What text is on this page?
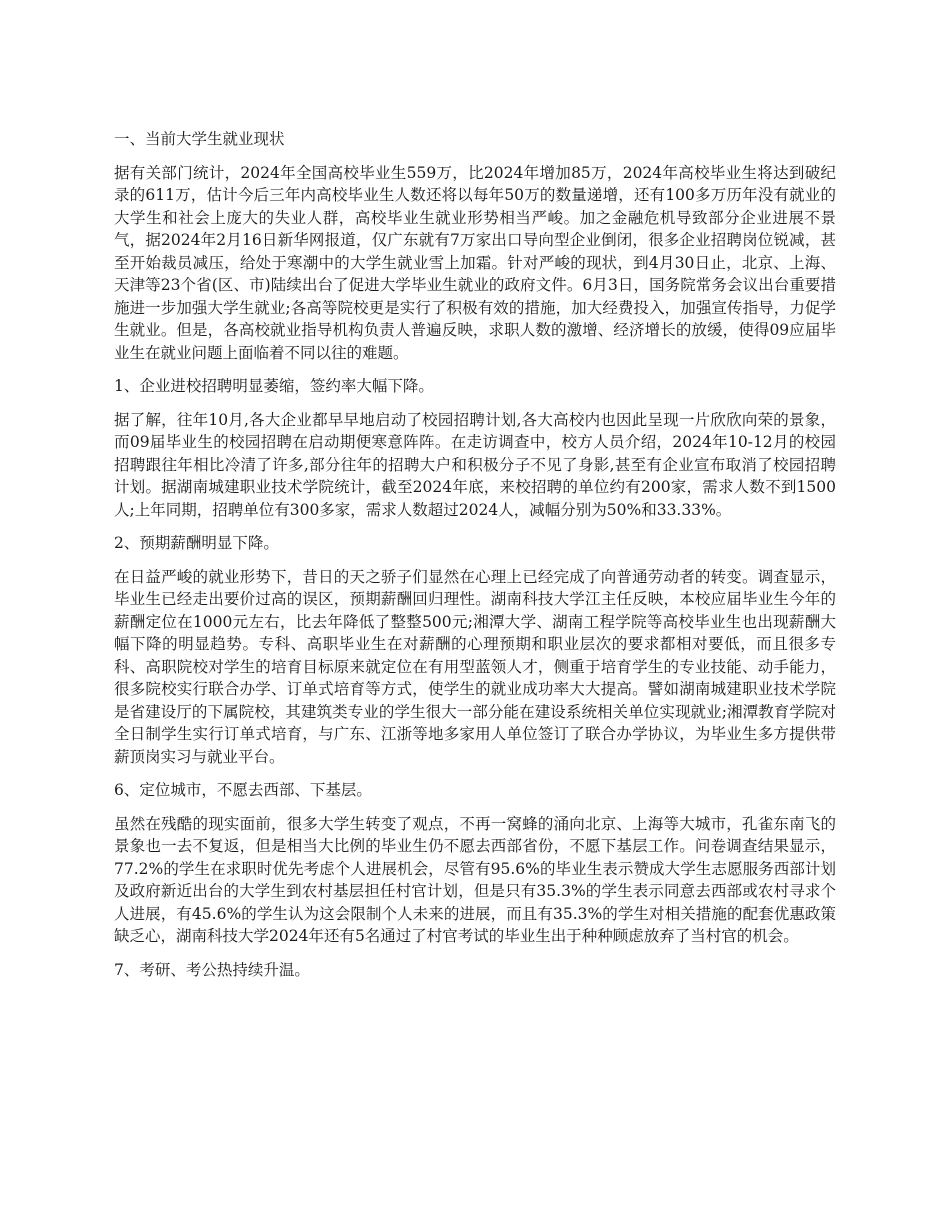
一、当前大学生就业现状

据有关部门统计，2024年全国高校毕业生559万，比2024年增加85万，2024年高校毕业生将达到破纪录的611万，估计今后三年内高校毕业生人数还将以每年50万的数量递增，还有100多万历年没有就业的大学生和社会上庞大的失业人群，高校毕业生就业形势相当严峻。加之金融危机导致部分企业进展不景气，据2024年2月16日新华网报道，仅广东就有7万家出口导向型企业倒闭，很多企业招聘岗位锐减，甚至开始裁员减压，给处于寒潮中的大学生就业雪上加霜。针对严峻的现状，到4月30日止，北京、上海、天津等23个省(区、市)陆续出台了促进大学毕业生就业的政府文件。6月3日，国务院常务会议出台重要措施进一步加强大学生就业;各高等院校更是实行了积极有效的措施，加大经费投入，加强宣传指导，力促学生就业。但是，各高校就业指导机构负责人普遍反映，求职人数的激增、经济增长的放缓，使得09应届毕业生在就业问题上面临着不同以往的难题。

1、企业进校招聘明显萎缩，签约率大幅下降。

据了解，往年10月,各大企业都早早地启动了校园招聘计划,各大高校内也因此呈现一片欣欣向荣的景象，而09届毕业生的校园招聘在启动期便寒意阵阵。在走访调查中，校方人员介绍，2024年10-12月的校园招聘跟往年相比冷清了许多,部分往年的招聘大户和积极分子不见了身影,甚至有企业宣布取消了校园招聘计划。据湖南城建职业技术学院统计，截至2024年底，来校招聘的单位约有200家，需求人数不到1500人;上年同期，招聘单位有300多家，需求人数超过2024人，减幅分别为50%和33.33%。

2、预期薪酬明显下降。

在日益严峻的就业形势下，昔日的天之骄子们显然在心理上已经完成了向普通劳动者的转变。调查显示，毕业生已经走出要价过高的误区，预期薪酬回归理性。湖南科技大学江主任反映，本校应届毕业生今年的薪酬定位在1000元左右，比去年降低了整整500元;湘潭大学、湖南工程学院等高校毕业生也出现薪酬大幅下降的明显趋势。专科、高职毕业生在对薪酬的心理预期和职业层次的要求都相对要低，而且很多专科、高职院校对学生的培育目标原来就定位在有用型蓝领人才，侧重于培育学生的专业技能、动手能力，很多院校实行联合办学、订单式培育等方式，使学生的就业成功率大大提高。譬如湖南城建职业技术学院是省建设厅的下属院校，其建筑类专业的学生很大一部分能在建设系统相关单位实现就业;湘潭教育学院对全日制学生实行订单式培育，与广东、江浙等地多家用人单位签订了联合办学协议，为毕业生多方提供带薪顶岗实习与就业平台。

6、定位城市，不愿去西部、下基层。

虽然在残酷的现实面前，很多大学生转变了观点，不再一窝蜂的涌向北京、上海等大城市，孔雀东南飞的景象也一去不复返，但是相当大比例的毕业生仍不愿去西部省份，不愿下基层工作。问卷调查结果显示，77.2%的学生在求职时优先考虑个人进展机会，尽管有95.6%的毕业生表示赞成大学生志愿服务西部计划及政府新近出台的大学生到农村基层担任村官计划，但是只有35.3%的学生表示同意去西部或农村寻求个人进展，有45.6%的学生认为这会限制个人未来的进展，而且有35.3%的学生对相关措施的配套优惠政策缺乏心，湖南科技大学2024年还有5名通过了村官考试的毕业生出于种种顾虑放弃了当村官的机会。

7、考研、考公热持续升温。
